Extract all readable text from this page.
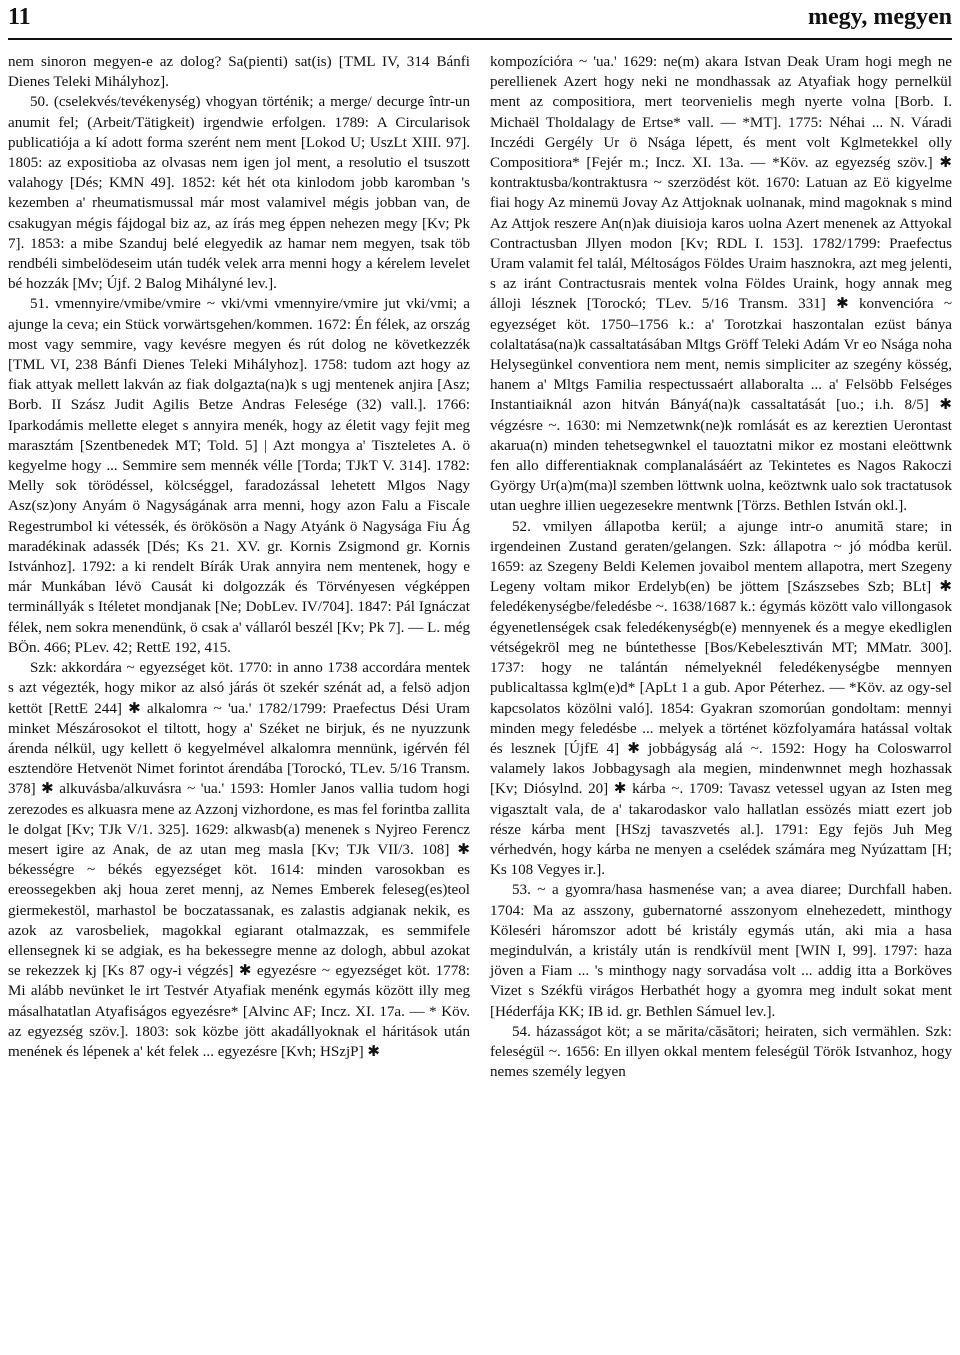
11	megy, megyen

nem sinoron megyen-e az dolog? Sa(pienti) sat(is) [TML IV, 314 Bánfi Dienes Teleki Mihályhoz].

50. (cselekvés/tevékenység) vhogyan történik; a merge/ decurge într-un anumit fel; (Arbeit/Tätigkeit) irgendwie erfolgen. 1789: A Circularisok publicatiója a kí adott forma szerént nem ment [Lokod U; UszLt XIII. 97]. 1805: az expositioba az olvasas nem igen jol ment, a resolutio el tsuszott valahogy [Dés; KMN 49]. 1852: két hét ota kinlodom jobb karomban 's kezemben a' rheumatismussal már most valamivel mégis jobban van, de csakugyan mégis fájdogal biz az, az írás meg éppen nehezen megy [Kv; Pk 7]. 1853: a mibe Szanduj belé elegyedik az hamar nem megyen, tsak töb rendbéli simbelödeseim után tudék velek arra menni hogy a kérelem levelet bé hozzák [Mv; Újf. 2 Balog Mihályné lev.].

51. vmennyire/vmibe/vmire ~ vki/vmi vmennyire/vmire jut vki/vmi; a ajunge la ceva; ein Stück vorwärtsgehen/kommen. 1672: Én félek, az ország most vagy semmire, vagy kevésre megyen és rút dolog ne következzék [TML VI, 238 Bánfi Dienes Teleki Mihályhoz]. 1758: tudom azt hogy az fiak attyak mellett lakván az fiak dolgazta(na)k s ugj mentenek anjira [Asz; Borb. II Szász Judit Agilis Betze Andras Felesége (32) vall.]. 1766: Iparkodámis mellette eleget s annyira menék, hogy az életit vagy fejit meg marasztám [Szentbenedek MT; Told. 5] | Azt mongya a' Tiszteletes A. ö kegyelme hogy ... Semmire sem mennék vélle [Torda; TJkT V. 314]. 1782: Melly sok törödéssel, kölcséggel, faradozással lehetett Mlgos Nagy Asz(sz)ony Anyám ö Nagyságának arra menni, hogy azon Falu a Fiscale Regestrumbol ki vétessék, és örökösön a Nagy Atyánk ö Nagysága Fiu Ág maradékinak adassék [Dés; Ks 21. XV. gr. Kornis Zsigmond gr. Kornis Istvánhoz]. 1792: a ki rendelt Bírák Urak annyira nem mentenek, hogy e már Munkában lévö Causát ki dolgozzák és Törvényesen végképpen terminállyák s Itéletet mondjanak [Ne; DobLev. IV/704]. 1847: Pál Ignáczat félek, nem sokra menendünk, ö csak a' vállaról beszél [Kv; Pk 7]. — L. még BÖn. 466; PLev. 42; RettE 192, 415.

Szk: akkordára ~ egyezséget köt. 1770: in anno 1738 accordára mentek s azt végezték, hogy mikor az alsó járás öt szekér szénát ad, a felsö adjon kettöt [RettE 244] ✱ alkalomra ~ 'ua.' 1782/1799: Praefectus Dési Uram minket Mészárosokot el tiltott, hogy a' Széket ne birjuk, és ne nyuzzunk árenda nélkül, ugy kellett ö kegyelmével alkalomra mennünk, igérvén fél esztendöre Hetvenöt Nimet forintot árendába [Torockó, TLev. 5/16 Transm. 378] ✱ alkuvásba/alkuvásra ~ 'ua.' 1593: Homler Janos vallia tudom hogi zerezodes es alkuasra mene az Azzonj vizhordone, es mas fel forintba zallita le dolgat [Kv; TJk V/1. 325]. 1629: alkwasb(a) menenek s Nyjreo Ferencz mesert igire az Anak, de az utan meg masla [Kv; TJk VII/3. 108] ✱ békességre ~ békés egyezséget köt. 1614: minden varosokban es ereossegekben akj houa zeret mennj, az Nemes Emberek feleseg(es)teol giermekestöl, marhastol be boczatassanak, es zalastis adgianak nekik, es azok az varosbeliek, magokkal egiarant otalmazzak, es semmifele ellensegnek ki se adgiak, es ha bekessegre menne az dologh, abbul azokat se rekezzek kj [Ks 87 ogy-i végzés] ✱ egyezésre ~ egyezséget köt. 1778: Mi alább nevünket le irt Testvér Atyafiak menénk egymás között illy meg másalhatatlan Atyafiságos egyezésre* [Alvinc AF; Incz. XI. 17a. — * Köv. az egyezség szöv.]. 1803: sok közbe jött akadállyoknak el háritások után menének és lépenek a' két felek ... egyezésre [Kvh; HSzjP] ✱

kompozícióra ~ 'ua.' 1629: ne(m) akara Istvan Deak Uram hogi megh ne perellienek Azert hogy neki ne mondhassak az Atyafiak hogy pernelkül ment az compositiora, mert teorvenielis megh nyerte volna [Borb. I. Michaël Tholdalagy de Ertse* vall. — *MT]. 1775: Néhai ... N. Váradi Inczédi Gergély Ur ö Nsága lépett, és ment volt Kglmetekkel olly Compositiora* [Fejér m.; Incz. XI. 13a. — *Köv. az egyezség szöv.] ✱ kontraktusba/kontraktusra ~ szerzödést köt. 1670: Latuan az Eö kigyelme fiai hogy Az minemü Jovay Az Attjoknak uolnanak, mind magoknak s mind Az Attjok reszere An(n)ak diuisioja karos uolna Azert menenek az Attyokal Contractusban Jllyen modon [Kv; RDL I. 153]. 1782/1799: Praefectus Uram valamit fel talál, Méltoságos Földes Uraim hasznokra, azt meg jelenti, s az iránt Contractusrais mentek volna Földes Uraink, hogy annak meg álloji lésznek [Torockó; TLev. 5/16 Transm. 331] ✱ konvencióra ~ egyezséget köt. 1750–1756 k.: a' Torotzkai haszontalan ezüst bánya colaltatása(na)k cassaltatásában Mltgs Gröff Teleki Adám Vr eo Nsága noha Helysegünkel conventiora nem ment, nemis simpliciter az szegény kösség, hanem a' Mltgs Familia respectussaért allaboralta ... a' Felsöbb Felséges Instantiaiknál azon hitván Bányá(na)k cassaltatását [uo.; i.h. 8/5] ✱ végzésre ~. 1630: mi Nemzetwnk(ne)k romlását es az kereztien Uerontast akarua(n) minden tehetsegwnkel el tauoztatni mikor ez mostani eleöttwnk fen allo differentiaknak complanalásáért az Tekintetes es Nagos Rakoczi György Ur(a)m(ma)l szemben löttwnk uolna, keöztwnk ualo sok tractatusok utan ueghre illien uegezesekre mentwnk [Törzs. Bethlen István okl.].

52. vmilyen állapotba kerül; a ajunge intr-o anumită stare; in irgendeinen Zustand geraten/gelangen. Szk: állapotra ~ jó módba kerül. 1659: az Szegeny Beldi Kelemen jovaibol mentem allapotra, mert Szegeny Legeny voltam mikor Erdelyb(en) be jöttem [Szászsebes Szb; BLt] ✱ feledékenységbe/feledésbe ~. 1638/1687 k.: égymás között valo villongasok égyenetlenségek csak feledékenységb(e) mennyenek és a megye ekedliglen vétségekröl meg ne búntethesse [Bos/Kebelesztiván MT; MMatr. 300]. 1737: hogy ne talántán némelyeknél feledékenységbe mennyen publicaltassa kglm(e)d* [ApLt 1 a gub. Apor Péterhez. — *Köv. az ogy-sel kapcsolatos közölni való]. 1854: Gyakran szomorúan gondoltam: mennyi minden megy feledésbe ... melyek a történet közfolyamára hatással voltak és lesznek [ÚjfE 4] ✱ jobbágyság alá ~. 1592: Hogy ha Coloswarrol valamely lakos Jobbagysagh ala megien, mindenwnnet megh hozhassak [Kv; Diósylnd. 20] ✱ kárba ~. 1709: Tavasz vetessel ugyan az Isten meg vigasztalt vala, de a' takarodaskor valo hallatlan essözés miatt ezert job része kárba ment [HSzj tavaszvetés al.]. 1791: Egy fejös Juh Meg vérhedvén, hogy kárba ne menyen a cselédek számára meg Nyúzattam [H; Ks 108 Vegyes ir.].

53. ~ a gyomra/hasa hasmenése van; a avea diaree; Durchfall haben. 1704: Ma az asszony, gubernatorné asszonyom elnehezedett, minthogy Köleséri háromszor adott bé kristály egymás után, aki mia a hasa megindulván, a kristály után is rendkívül ment [WIN I, 99]. 1797: haza jöven a Fiam ... 's minthogy nagy sorvadása volt ... addig itta a Borköves Vizet s Székfü virágos Herbathét hogy a gyomra meg indult sokat ment [Héderfája KK; IB id. gr. Bethlen Sámuel lev.].

54. házasságot köt; a se mărita/căsători; heiraten, sich vermählen. Szk: feleségül ~. 1656: En illyen okkal mentem feleségül Török Istvanhoz, hogy nemes személy legyen
